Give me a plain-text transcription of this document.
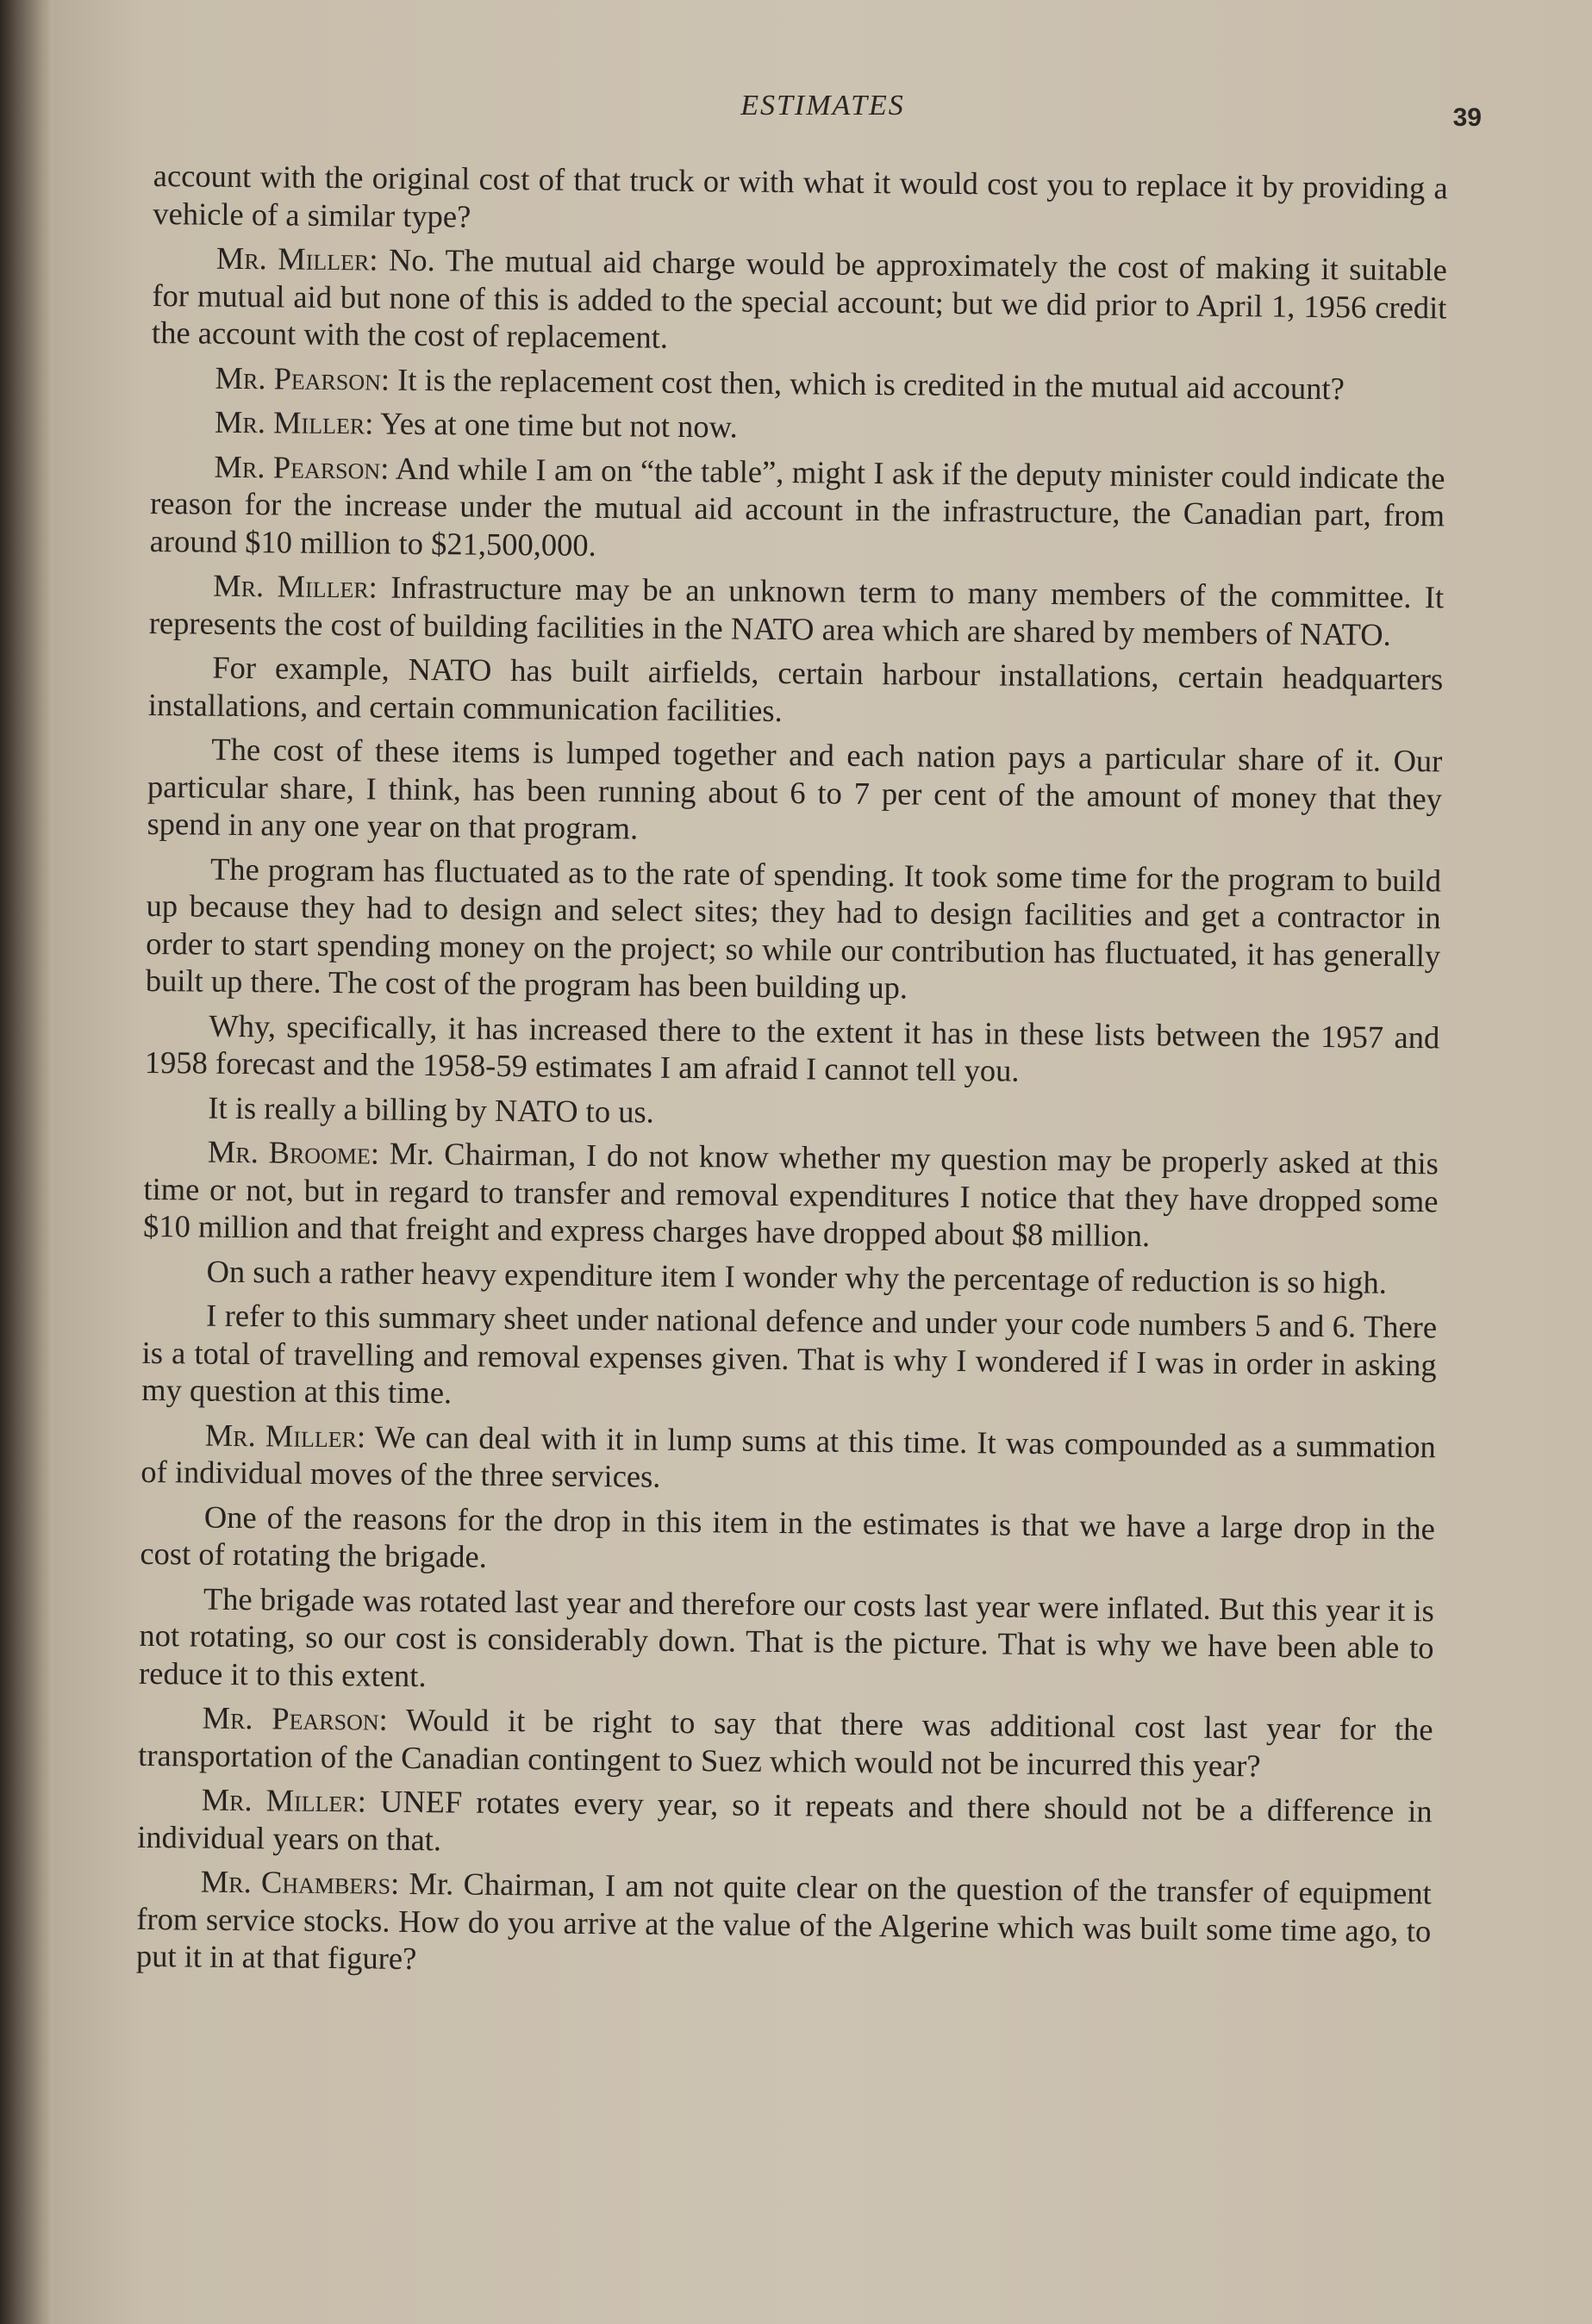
ESTIMATES	39

account with the original cost of that truck or with what it would cost you to replace it by providing a vehicle of a similar type?

Mr. Miller: No. The mutual aid charge would be approximately the cost of making it suitable for mutual aid but none of this is added to the special account; but we did prior to April 1, 1956 credit the account with the cost of replacement.

Mr. Pearson: It is the replacement cost then, which is credited in the mutual aid account?

Mr. Miller: Yes at one time but not now.

Mr. Pearson: And while I am on “the table”, might I ask if the deputy minister could indicate the reason for the increase under the mutual aid account in the infrastructure, the Canadian part, from around $10 million to $21,500,000.

Mr. Miller: Infrastructure may be an unknown term to many members of the committee. It represents the cost of building facilities in the NATO area which are shared by members of NATO.

For example, NATO has built airfields, certain harbour installations, certain headquarters installations, and certain communication facilities.

The cost of these items is lumped together and each nation pays a particular share of it. Our particular share, I think, has been running about 6 to 7 per cent of the amount of money that they spend in any one year on that program.

The program has fluctuated as to the rate of spending. It took some time for the program to build up because they had to design and select sites; they had to design facilities and get a contractor in order to start spending money on the project; so while our contribution has fluctuated, it has generally built up there. The cost of the program has been building up.

Why, specifically, it has increased there to the extent it has in these lists between the 1957 and 1958 forecast and the 1958-59 estimates I am afraid I cannot tell you.

It is really a billing by NATO to us.

Mr. Broome: Mr. Chairman, I do not know whether my question may be properly asked at this time or not, but in regard to transfer and removal expenditures I notice that they have dropped some $10 million and that freight and express charges have dropped about $8 million.

On such a rather heavy expenditure item I wonder why the percentage of reduction is so high.

I refer to this summary sheet under national defence and under your code numbers 5 and 6. There is a total of travelling and removal expenses given. That is why I wondered if I was in order in asking my question at this time.

Mr. Miller: We can deal with it in lump sums at this time. It was compounded as a summation of individual moves of the three services.

One of the reasons for the drop in this item in the estimates is that we have a large drop in the cost of rotating the brigade.

The brigade was rotated last year and therefore our costs last year were inflated. But this year it is not rotating, so our cost is considerably down. That is the picture. That is why we have been able to reduce it to this extent.

Mr. Pearson: Would it be right to say that there was additional cost last year for the transportation of the Canadian contingent to Suez which would not be incurred this year?

Mr. Miller: UNEF rotates every year, so it repeats and there should not be a difference in individual years on that.

Mr. Chambers: Mr. Chairman, I am not quite clear on the question of the transfer of equipment from service stocks. How do you arrive at the value of the Algerine which was built some time ago, to put it in at that figure?
